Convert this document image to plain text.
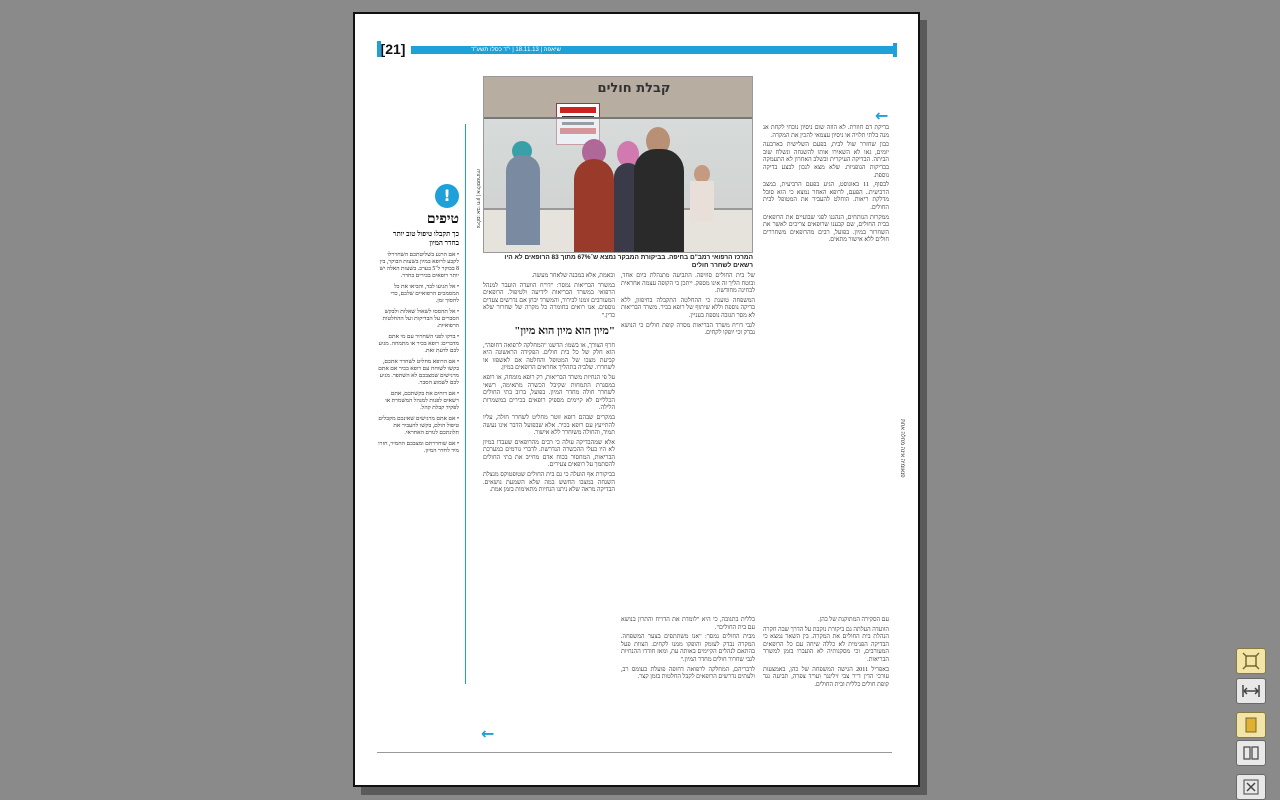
שיאפה | 18.11.13 | י"ד כסלו תשע"ד
[21]
צילום: אבי חיון | אילוסטרציה
קבלת חולים
המרכז הרפואי רמב"ם בחיפה. בביקורת המבקר נמצא ש־67% מתוך 83 הרופאים לא היו רשאים לשחרר חולים
←
←

בדיקת דם חוזרת. לא הוזה שום ניסיון נוכחי לקחת אנ מנה בלתי תלויה או ניסיון עצמאי להכין את המקרה.

כבון שחזרר שול לבית, בפעם השלישית בארבעה יומים, גאו לא השאירו אותו להשגחה ונשלח שוב הביתה. הבדיקה העיקרית ובשלב האחרון לא התעמקה בבדיקות הגופניות. שלא מצא לנכון לבצע בדיקה נוספת.

לבסוף, 11 באוגוסט, הגיע בפעם הרביעית, במצב הרביעית.. הפעם, לרופא האחר נמצא כי הוא סובל מדלקת ריאות. הוחלט להעביר את המטופל לבית החולים.

ממקרות הנותחים, הנהגנו לפני שבועיים את הרופאים בבית החולים, שם קבענו שרופאים צריכים לאשר את השחרור במיון. בפועל, רבים מהרופאים משחררים חולים ללא אישור מתאים.

של בית החולים סוזיפה. התביעה מתנהלת ביום אחד, ובוטח הליך זה אינו מספק. ייתכן כי הקופה עצמה אחראית לבחינה מחודשת.

המשפחה טוענת כי ההחלטה התקבלה בחיפזון, ללא בדיקה נוספת וללא שיתוף של רופא בכיר. משרד הבריאות לא מסר תגובה נוספת בעניין.

לגבי דו"ח משרד הבריאות מסרה קופת חולים כי הנושא נבדק וכי יופקו לקחים.

וכאמת, אלא במבנה שלאחר מעשה.

במשרד הבריאות נמסר: "דו"ח הוועדה הועבר למנהל הרפואי במשרד הבריאות לידיעה ולטיפול. הרופאים המעורבים זומנו לבירור, והמשרד יבחן אם נדרשים צעדים נוספים. אנו רואים בחומרה כל מקרה של שחרור שלא כדין."

"מיון הוא מיון הוא מיון"

חרף הצורך, או בשמו: הדשנו "המחלקה לרפואה דחופה", הוא חלק של כל בית חולים. הפקידה הראשונה היא קביעת מצבו של המטופל והחלטה אם לאשפזו או לשחררו. שלביה בתהליך אחראים הרופאים במיון.

על פי הנחיות משרד הבריאות, רק רופא מומחה, או רופא במסגרת התמחות שקיבל הכשרה מתאימה, רשאי לשחרר חולה מחדר המיון. בפועל, ברוב בתי החולים הכלליים לא קיימים מספיק רופאים בכירים במשמרות הלילה.

במקרים שבהם רופא זוטר מחליט לשחרר חולה, עליו להתייעץ עם רופא בכיר. אלא שבפועל הדבר אינו נעשה תמיד, והחולה משוחרר ללא אישור.

אלא שמהבדיקה עולה כי רבים מהרופאים שעבדו במיון לא היו בעלי ההכשרה הנדרשת. לדברי גורמים במערכת הבריאות, המחסור בכוח אדם מחייב את בתי החולים להסתמך על רופאים צעירים.

בביקורת אף הועלה כי גם בית החולים שטופטוקס מנצלת השגחה במצבו החשש במה שלא השמעת נושאים. הבדיקה מראה שלא ניתנו הנחיות מתאימות בזמן אמת.

עם הסקירה המתוקנת של כהן.

הוועדה העלתה גם ביקורת נוקבת על הדרך שבה חקרה הנהלת בית החולים את המקרה. בין השאר נמצא כי הבדיקה הפנימית לא כללה שיחה עם כל הרופאים המעורבים, וכי מסקנותיה לא הועברו בזמן למשרד הבריאות.

באפריל 2011 הגישה המשפחה של כהן, באמצעות עורכי הדין ד"ר צבי זילינגר ועו"ד צפרה, תביעה נגד קופת חולים כללית ובית החולים.

בללית בתגובה, כי היא "לומדת את הדו"ח והתרון בנושא עם בית החולים".

מבית החולים נמסר: "אנו משתתפים בצער המשפחה. המקרה נבדק לעומק והופקו ממנו לקחים. הצוות פעל בהתאם לנהלים הקיימים באותה עת, ומאז חודדו ההנחיות לגבי שחרור חולים מחדר המיון."

לדבריהם, המחלקה לרפואה דחופה פועלת בעומס רב, ולעתים נדרשים הרופאים לקבל החלטות בזמן קצר.

פנאומיה אינה מחלה אחת
!
טיפים
כך תקבלו טיפול טוב יותר בחדר המיון

• אם הרגע בשליטתכם השחררלו לקבע לרופא במיון בשעות הבוקר, בין 8 בבוקר ל־5 בערב. בשעות האלה יש יותר רופאים בכירים בחדר.

• אל תגיעו לבד, והביאו את כל המסמכים הרפואיים שלכם, כדי לחסוך זמן.

• אל תהססו לשאול שאלות ולבקש הסברים על הבדיקות ועל ההחלטות הרפואיות.

• בדקו לפני השחרור עם מי אתם מדברים: רופא בכיר או מתמחה. מגיע לכם לדעת זאת.

• אם הרופא מחליט לשחרר אתכם, בקשו לשוחח עם רופא בכיר אם אתם מרגישים שמצבכם לא השתפר. מגיע לכם לשמוע הסבר.

• אם דוחים את בקשתכם, אתם רשאים לפנות למנהל המשמרת או לפקיד קבלת קהל.

• אם אתם מרגישים שאינכם מקבלים טיפול הולם, בקשו להעביר את תלונתכם לגורם האחראי.

• אם שוחררתם ומצבכם החמיר, חזרו מיד לחדר המיון.
